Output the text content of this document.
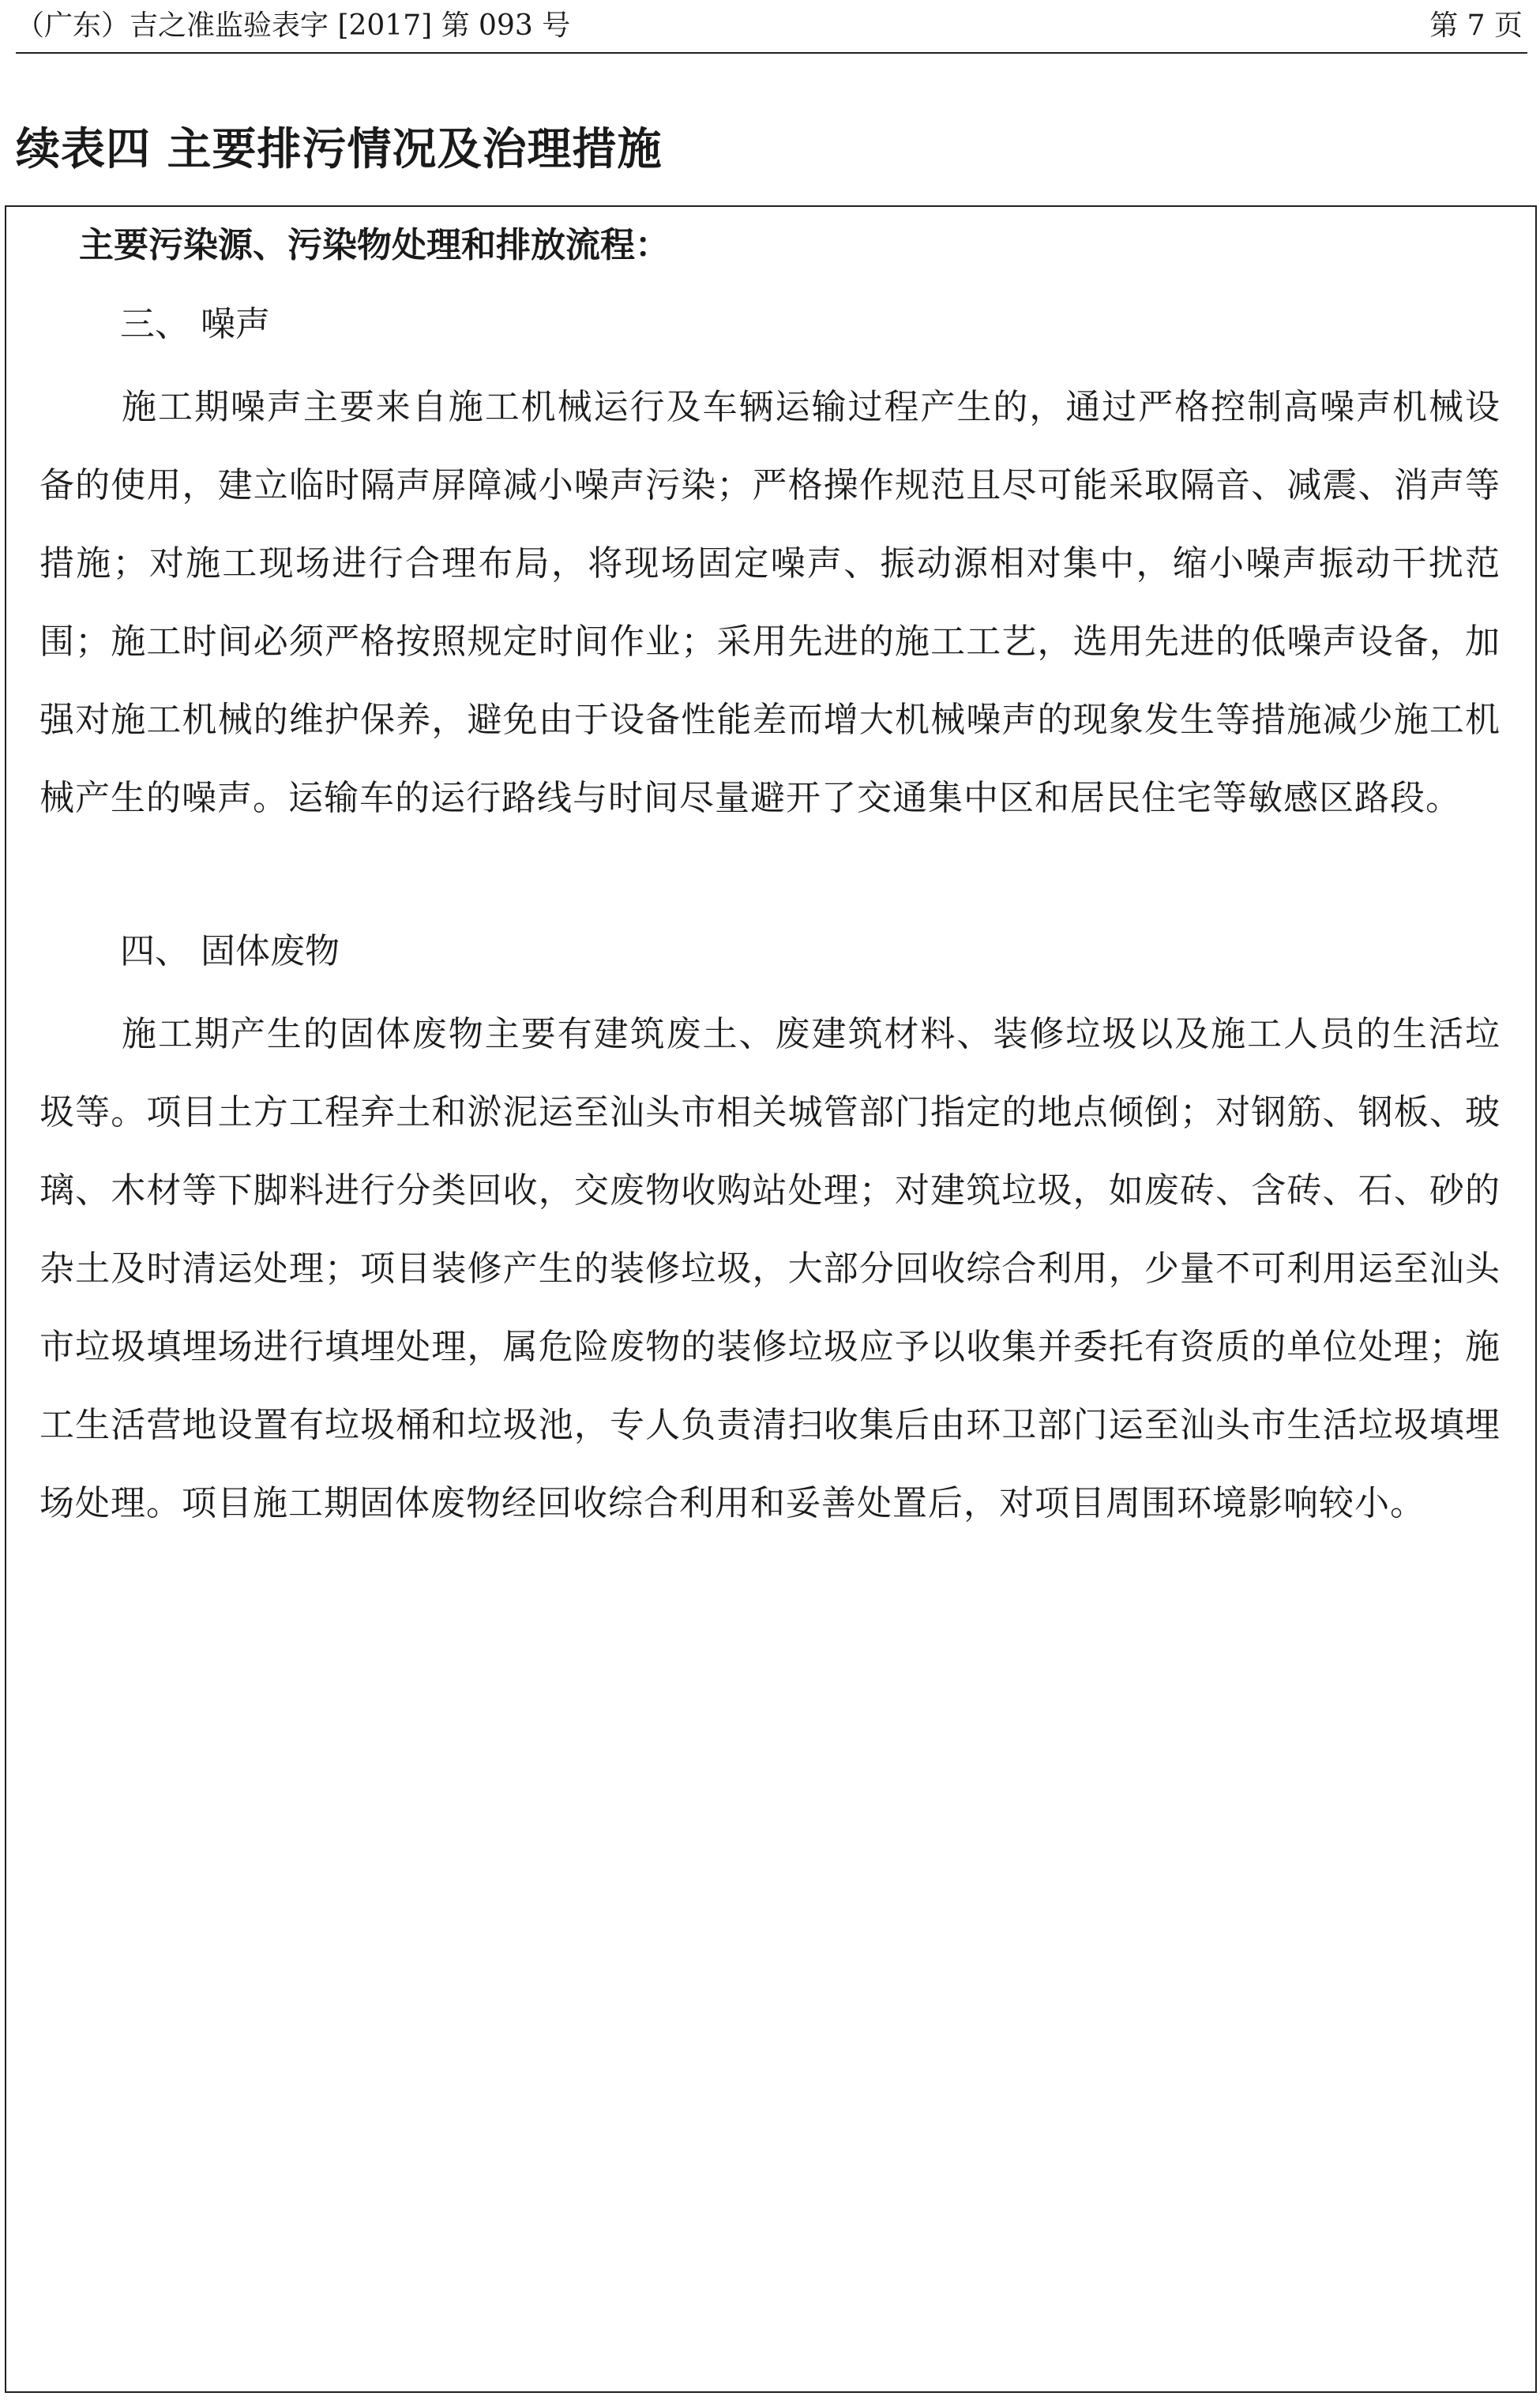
（广东）吉之准监验表字 [2017] 第 093 号	第 7 页
续表四 主要排污情况及治理措施
主要污染源、污染物处理和排放流程：
三、 噪声
施工期噪声主要来自施工机械运行及车辆运输过程产生的，通过严格控制高噪声机械设备的使用，建立临时隔声屏障减小噪声污染；严格操作规范且尽可能采取隔音、减震、消声等措施；对施工现场进行合理布局，将现场固定噪声、振动源相对集中，缩小噪声振动干扰范围；施工时间必须严格按照规定时间作业；采用先进的施工工艺，选用先进的低噪声设备，加强对施工机械的维护保养，避免由于设备性能差而增大机械噪声的现象发生等措施减少施工机械产生的噪声。运输车的运行路线与时间尽量避开了交通集中区和居民住宅等敏感区路段。
四、 固体废物
施工期产生的固体废物主要有建筑废土、废建筑材料、装修垃圾以及施工人员的生活垃圾等。项目土方工程弃土和淤泥运至汕头市相关城管部门指定的地点倾倒；对钢筋、钢板、玻璃、木材等下脚料进行分类回收，交废物收购站处理；对建筑垃圾，如废砖、含砖、石、砂的杂土及时清运处理；项目装修产生的装修垃圾，大部分回收综合利用，少量不可利用运至汕头市垃圾填埋场进行填埋处理，属危险废物的装修垃圾应予以收集并委托有资质的单位处理；施工生活营地设置有垃圾桶和垃圾池，专人负责清扫收集后由环卫部门运至汕头市生活垃圾填埋场处理。项目施工期固体废物经回收综合利用和妥善处置后，对项目周围环境影响较小。
